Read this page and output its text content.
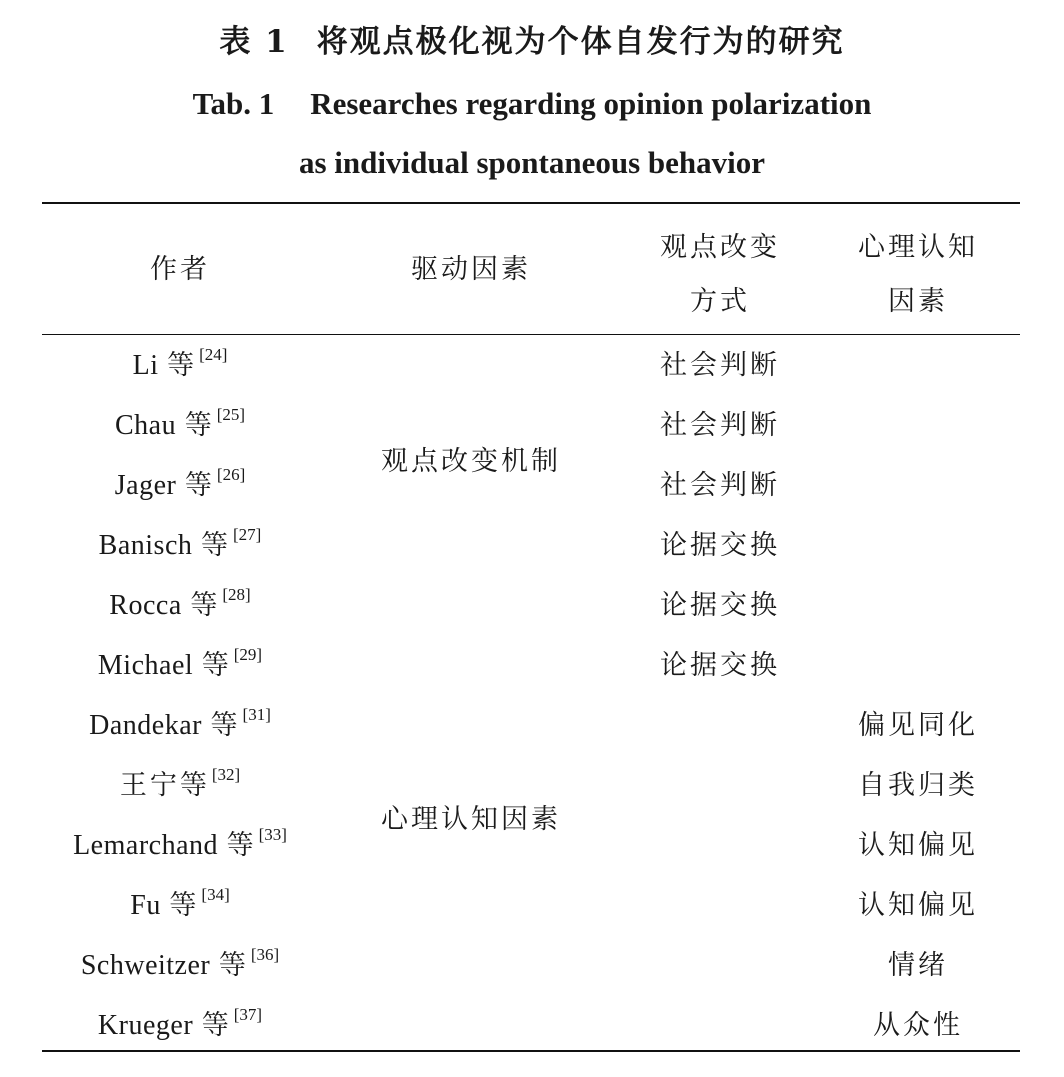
表 1 将观点极化视为个体自发行为的研究
Tab. 1 Researches regarding opinion polarization
as individual spontaneous behavior
作者	驱动因素
观点改变
方式
心理认知
因素
观点改变机制
心理认知因素
Li 等 [24]
Chau 等 [25]
Jager 等 [26]
Banisch 等 [27]
Rocca 等 [28]
Michael 等 [29]
Dandekar 等 [31]
王宁等 [32]
Lemarchand 等 [33]
Fu 等 [34]
Schweitzer 等 [36]
Krueger 等 [37]
社会判断
社会判断
社会判断
论据交换
论据交换
论据交换
偏见同化
自我归类
认知偏见
认知偏见
情绪
从众性
